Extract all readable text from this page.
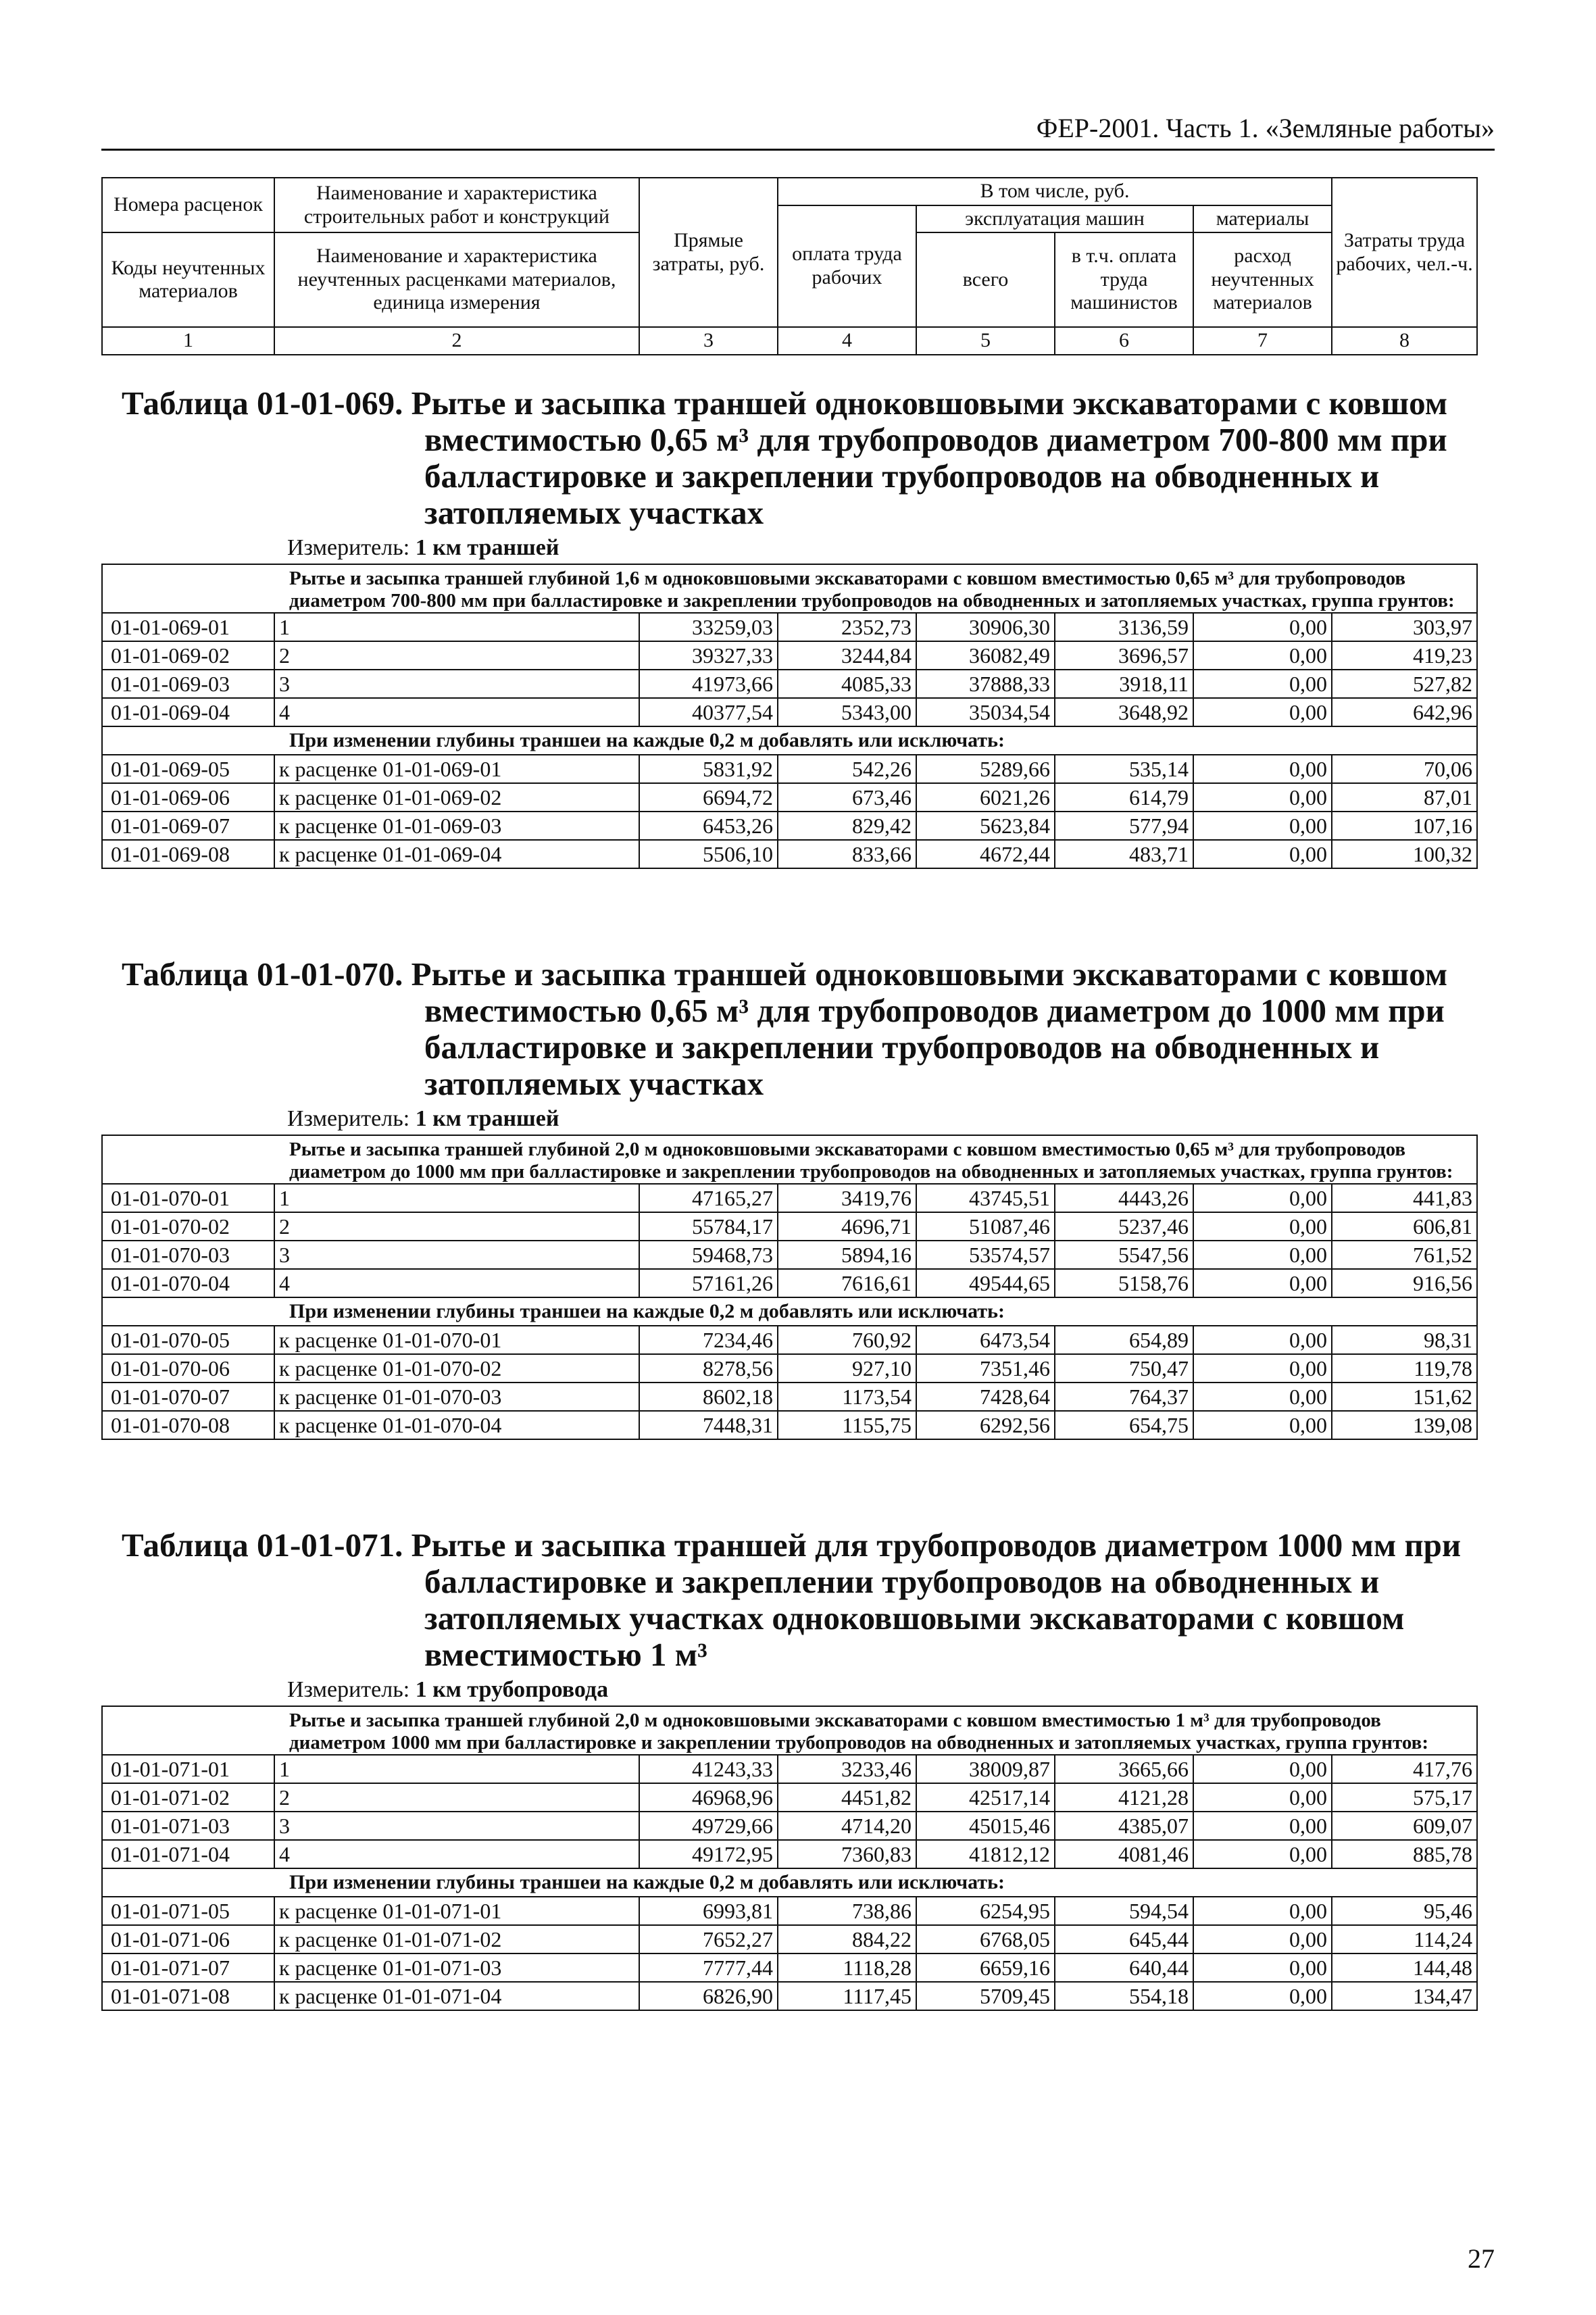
ФЕР-2001. Часть 1. «Земляные работы»
Номера расценок	Наименование и характеристика строительных работ и конструкций	Прямые затраты, руб.	В том числе, руб.				Затраты труда рабочих, чел.-ч.
			оплата труда рабочих	эксплуатация машин		материалы	
Коды неучтенных материалов	Наименование и характеристика неучтенных расценками материалов, единица измерения			всего	в т.ч. оплата труда машинистов	расход неучтенных материалов	

1	2	3	4	5	6	7	8
Таблица 01-01-069. Рытье и засыпка траншей одноковшовыми экскаваторами с ковшом
вместимостью 0,65 м³ для трубопроводов диаметром 700-800 мм при
балластировке и закреплении трубопроводов на обводненных и
затопляемых участках
Измеритель: 1 км траншей
Рытье и засыпка траншей глубиной 1,6 м одноковшовыми экскаваторами с ковшом вместимостью 0,65 м³ для трубопроводов диаметром 700-800 мм при балластировке и закреплении трубопроводов на обводненных и затопляемых участках, группа грунтов:							
01-01-069-01	1	33259,03	2352,73	30906,30	3136,59	0,00	303,97
01-01-069-02	2	39327,33	3244,84	36082,49	3696,57	0,00	419,23
01-01-069-03	3	41973,66	4085,33	37888,33	3918,11	0,00	527,82
01-01-069-04	4	40377,54	5343,00	35034,54	3648,92	0,00	642,96
При изменении глубины траншеи на каждые 0,2 м добавлять или исключать:							
01-01-069-05	к расценке 01-01-069-01	5831,92	542,26	5289,66	535,14	0,00	70,06
01-01-069-06	к расценке 01-01-069-02	6694,72	673,46	6021,26	614,79	0,00	87,01
01-01-069-07	к расценке 01-01-069-03	6453,26	829,42	5623,84	577,94	0,00	107,16
01-01-069-08	к расценке 01-01-069-04	5506,10	833,66	4672,44	483,71	0,00	100,32
Таблица 01-01-070. Рытье и засыпка траншей одноковшовыми экскаваторами с ковшом
вместимостью 0,65 м³ для трубопроводов диаметром до 1000 мм при
балластировке и закреплении трубопроводов на обводненных и
затопляемых участках
Измеритель: 1 км траншей
Рытье и засыпка траншей глубиной 2,0 м одноковшовыми экскаваторами с ковшом вместимостью 0,65 м³ для трубопроводов диаметром до 1000 мм при балластировке и закреплении трубопроводов на обводненных и затопляемых участках, группа грунтов:							
01-01-070-01	1	47165,27	3419,76	43745,51	4443,26	0,00	441,83
01-01-070-02	2	55784,17	4696,71	51087,46	5237,46	0,00	606,81
01-01-070-03	3	59468,73	5894,16	53574,57	5547,56	0,00	761,52
01-01-070-04	4	57161,26	7616,61	49544,65	5158,76	0,00	916,56
При изменении глубины траншеи на каждые 0,2 м добавлять или исключать:							
01-01-070-05	к расценке 01-01-070-01	7234,46	760,92	6473,54	654,89	0,00	98,31
01-01-070-06	к расценке 01-01-070-02	8278,56	927,10	7351,46	750,47	0,00	119,78
01-01-070-07	к расценке 01-01-070-03	8602,18	1173,54	7428,64	764,37	0,00	151,62
01-01-070-08	к расценке 01-01-070-04	7448,31	1155,75	6292,56	654,75	0,00	139,08
Таблица 01-01-071. Рытье и засыпка траншей для трубопроводов диаметром 1000 мм при
балластировке и закреплении трубопроводов на обводненных и
затопляемых участках одноковшовыми экскаваторами с ковшом
вместимостью 1 м³
Измеритель: 1 км трубопровода
Рытье и засыпка траншей глубиной 2,0 м одноковшовыми экскаваторами с ковшом вместимостью 1 м³ для трубопроводов диаметром 1000 мм при балластировке и закреплении трубопроводов на обводненных и затопляемых участках, группа грунтов:							
01-01-071-01	1	41243,33	3233,46	38009,87	3665,66	0,00	417,76
01-01-071-02	2	46968,96	4451,82	42517,14	4121,28	0,00	575,17
01-01-071-03	3	49729,66	4714,20	45015,46	4385,07	0,00	609,07
01-01-071-04	4	49172,95	7360,83	41812,12	4081,46	0,00	885,78
При изменении глубины траншеи на каждые 0,2 м добавлять или исключать:							
01-01-071-05	к расценке 01-01-071-01	6993,81	738,86	6254,95	594,54	0,00	95,46
01-01-071-06	к расценке 01-01-071-02	7652,27	884,22	6768,05	645,44	0,00	114,24
01-01-071-07	к расценке 01-01-071-03	7777,44	1118,28	6659,16	640,44	0,00	144,48
01-01-071-08	к расценке 01-01-071-04	6826,90	1117,45	5709,45	554,18	0,00	134,47
27
